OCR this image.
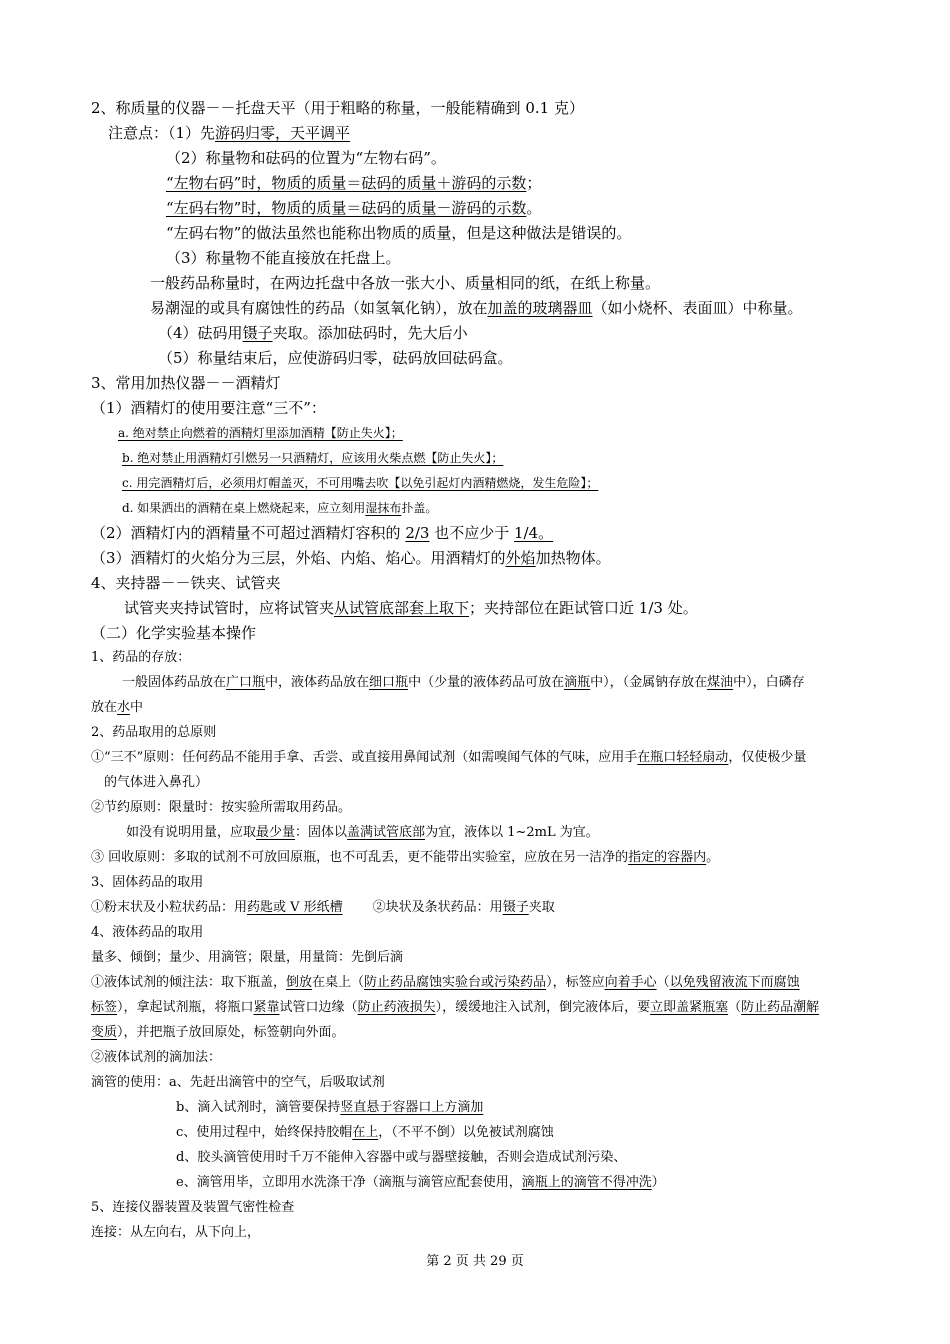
2、称质量的仪器－－托盘天平（用于粗略的称量，一般能精确到 0.1 克）
注意点：（1）先游码归零，天平调平
（2）称量物和砝码的位置为“左物右码”。
“左物右码”时，物质的质量＝砝码的质量＋游码的示数；
“左码右物”时，物质的质量＝砝码的质量－游码的示数。
“左码右物”的做法虽然也能称出物质的质量，但是这种做法是错误的。
（3）称量物不能直接放在托盘上。
一般药品称量时，在两边托盘中各放一张大小、质量相同的纸，在纸上称量。
易潮湿的或具有腐蚀性的药品（如氢氧化钠），放在加盖的玻璃器皿（如小烧杯、表面皿）中称量。
（4）砝码用镊子夹取。添加砝码时，先大后小
（5）称量结束后，应使游码归零，砝码放回砝码盒。
3、常用加热仪器－－酒精灯
（1）酒精灯的使用要注意“三不”：
a. 绝对禁止向燃着的酒精灯里添加酒精【防止失火】；
b. 绝对禁止用酒精灯引燃另一只酒精灯，应该用火柴点燃【防止失火】；
c. 用完酒精灯后，必须用灯帽盖灭，不可用嘴去吹【以免引起灯内酒精燃烧，发生危险】；
d. 如果洒出的酒精在桌上燃烧起来，应立刻用湿抹布扑盖。
（2）酒精灯内的酒精量不可超过酒精灯容积的 2/3 也不应少于 1/4。
（3）酒精灯的火焰分为三层，外焰、内焰、焰心。用酒精灯的外焰加热物体。
4、夹持器－－铁夹、试管夹
试管夹夹持试管时，应将试管夹从试管底部套上取下；夹持部位在距试管口近 1/3 处。
（二）化学实验基本操作
1、药品的存放：
一般固体药品放在广口瓶中，液体药品放在细口瓶中（少量的液体药品可放在滴瓶中），（金属钠存放在煤油中），白磷存
放在水中
2、药品取用的总原则
①“三不”原则：任何药品不能用手拿、舌尝、或直接用鼻闻试剂（如需嗅闻气体的气味，应用手在瓶口轻轻扇动，仅使极少量
的气体进入鼻孔）
②节约原则：限量时：按实验所需取用药品。
如没有说明用量，应取最少量：固体以盖满试管底部为宜，液体以 1~2mL 为宜。
③ 回收原则：多取的试剂不可放回原瓶，也不可乱丢，更不能带出实验室，应放在另一洁净的指定的容器内。
3、固体药品的取用
①粉末状及小粒状药品：用药匙或 V 形纸槽 ②块状及条状药品：用镊子夹取
4、液体药品的取用
量多、倾倒；量少、用滴管；限量，用量筒：先倒后滴
①液体试剂的倾注法：取下瓶盖，倒放在桌上（防止药品腐蚀实验台或污染药品），标签应向着手心（以免残留液流下而腐蚀
标签），拿起试剂瓶，将瓶口紧靠试管口边缘（防止药液损失），缓缓地注入试剂，倒完液体后，要立即盖紧瓶塞（防止药品潮解
变质），并把瓶子放回原处，标签朝向外面。
②液体试剂的滴加法：
滴管的使用：a、先赶出滴管中的空气，后吸取试剂
b、滴入试剂时，滴管要保持竖直悬于容器口上方滴加
c、使用过程中，始终保持胶帽在上，（不平不倒）以免被试剂腐蚀
d、胶头滴管使用时千万不能伸入容器中或与器壁接触，否则会造成试剂污染、
e、滴管用毕，立即用水洗涤干净（滴瓶与滴管应配套使用，滴瓶上的滴管不得冲洗）
5、连接仪器装置及装置气密性检查
连接：从左向右，从下向上，
第 2 页 共 29 页
